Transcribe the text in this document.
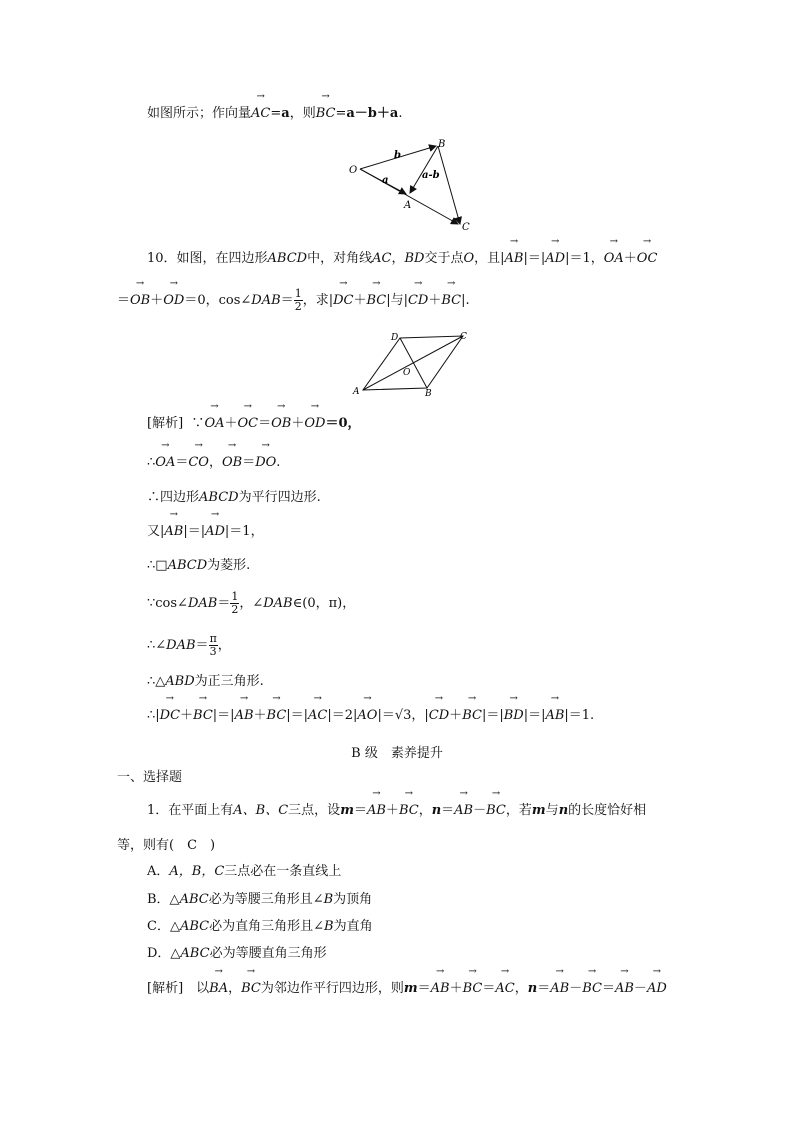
如图所示；作向量→ AC=a，则→ BC=a－b＋a.
O
B
A
C
b
a	a-b
10．如图，在四边形ABCD中，对角线AC，BD交于点O，且|→ AB|＝|→ AD|＝1，→ OA＋→ OC
＝→ OB＋→ OD＝0，cos∠DAB＝ $\frac{1}{2}$ ，求|→ DC＋→ BC|与|→ CD＋→ BC|.
A	B
C
D
O
[解析] ∵→ OA＋→ OC＝→ OB＋→ OD＝0，
∴→ OA＝→ CO，→ OB＝→ DO.
∴四边形ABCD为平行四边形.
又|→ AB|＝|→ AD|＝1，
∴□ABCD为菱形.
∵cos∠DAB＝ $\frac{1}{2}$ ，∠DAB∈(0，π)，
∴∠DAB＝ $\frac{\pi}{3}$ ，
∴△ABD为正三角形.
∴|→ DC＋→ BC|＝|→ AB＋→ BC|＝|→ AC|＝2|→ AO|＝√3，|→ CD＋→ BC|＝|→ BD|＝|→ AB|＝1.
B 级　素养提升
一、选择题
1．在平面上有A、B、C三点，设m＝→ AB＋→ BC，n＝→ AB－→ BC，若m与n的长度恰好相
等，则有(　C　)
A．A，B，C三点必在一条直线上
B．△ABC必为等腰三角形且∠B为顶角
C．△ABC必为直角三角形且∠B为直角
D．△ABC必为等腰直角三角形
[解析]　以→ BA，→ BC为邻边作平行四边形，则m＝→ AB＋→ BC＝→ AC，n＝→ AB－→ BC＝→ AB－→ AD
